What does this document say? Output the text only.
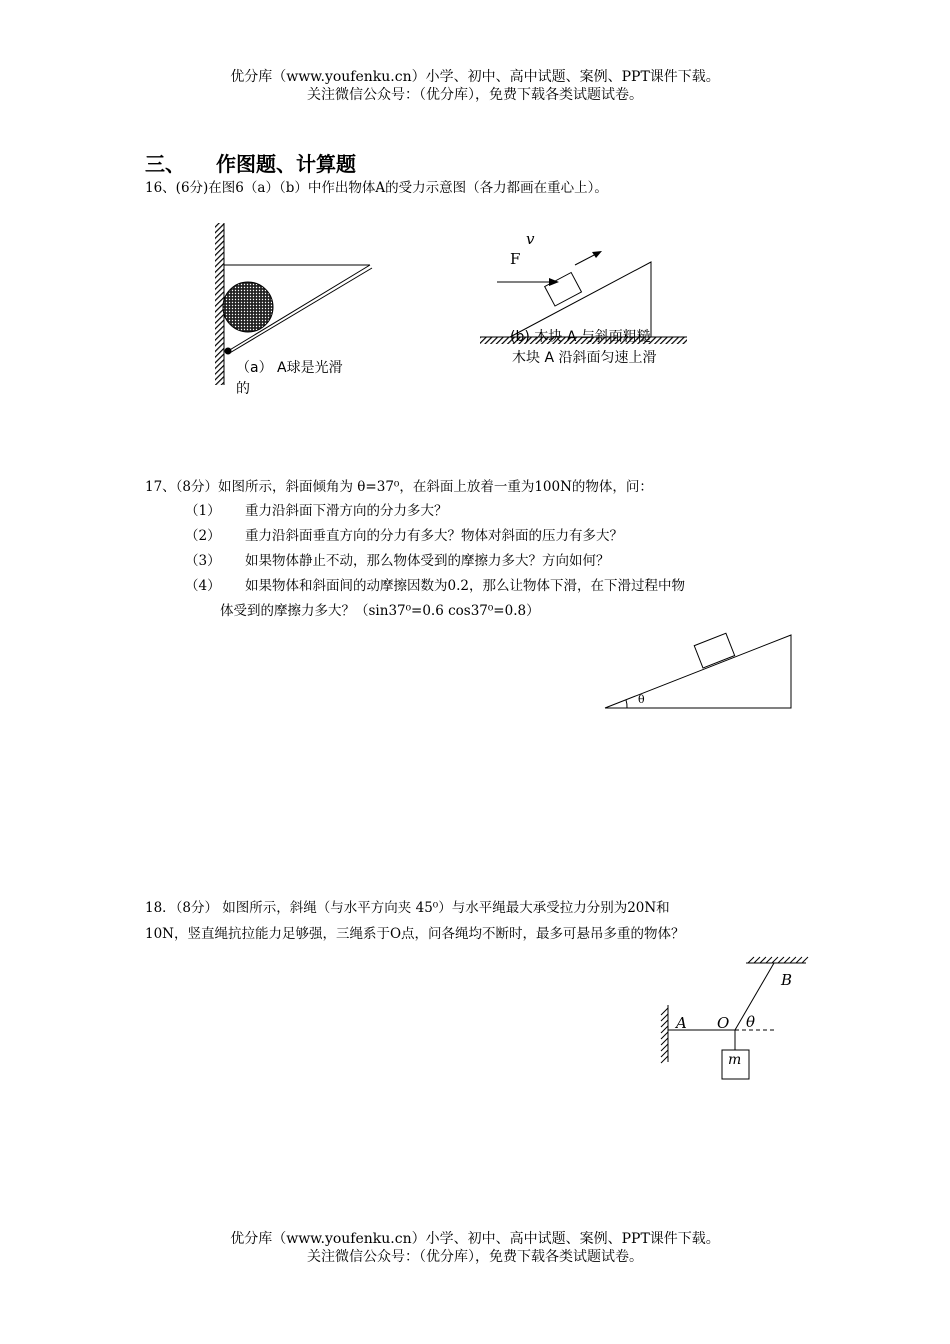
优分库（www.youfenku.cn）小学、初中、高中试题、案例、PPT课件下载。
关注微信公众号：（优分库），免费下载各类试题试卷。
三、 作图题、计算题
16、(6分)在图6（a）（b）中作出物体A的受力示意图（各力都画在重心上）。
（a） A球是光滑
的
v
F
(b) 木块 A 与斜面粗糙
木块 A 沿斜面匀速上滑
17、（8分）如图所示，斜面倾角为 θ=37⁰，在斜面上放着一重为100N的物体，问：
（1） 重力沿斜面下滑方向的分力多大？
（2） 重力沿斜面垂直方向的分力有多大？物体对斜面的压力有多大？
（3） 如果物体静止不动，那么物体受到的摩擦力多大？方向如何？
（4） 如果物体和斜面间的动摩擦因数为0.2，那么让物体下滑，在下滑过程中物
体受到的摩擦力多大？（sin37⁰=0.6 cos37⁰=0.8）
θ
18．（8分） 如图所示，斜绳（与水平方向夹 45⁰）与水平绳最大承受拉力分别为20N和
10N，竖直绳抗拉能力足够强，三绳系于O点，问各绳均不断时，最多可悬吊多重的物体？
A O θ
B
m
优分库（www.youfenku.cn）小学、初中、高中试题、案例、PPT课件下载。
关注微信公众号：（优分库），免费下载各类试题试卷。
